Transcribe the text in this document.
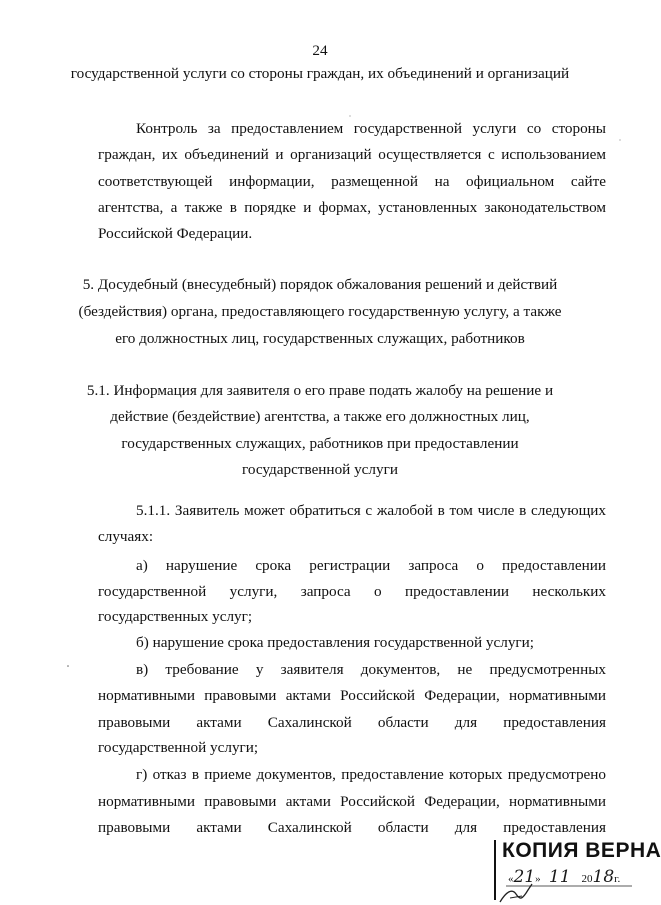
24
государственной услуги со стороны граждан, их объединений и организаций
Контроль за предоставлением государственной услуги со стороны
граждан, их объединений и организаций осуществляется с использованием
соответствующей информации, размещенной на официальном сайте
агентства, а также в порядке и формах, установленных законодательством
Российской Федерации.
5. Досудебный (внесудебный) порядок обжалования решений и действий
(бездействия) органа, предоставляющего государственную услугу, а также
его должностных лиц, государственных служащих, работников
5.1. Информация для заявителя о его праве подать жалобу на решение и
действие (бездействие) агентства, а также его должностных лиц,
государственных служащих, работников при предоставлении
государственной услуги
5.1.1. Заявитель может обратиться с жалобой в том числе в следующих
случаях:
а) нарушение срока регистрации запроса о предоставлении
государственной услуги, запроса о предоставлении нескольких
государственных услуг;
б) нарушение срока предоставления государственной услуги;
в) требование у заявителя документов, не предусмотренных
нормативными правовыми актами Российской Федерации, нормативными
правовыми актами Сахалинской области для предоставления
государственной услуги;
г) отказ в приеме документов, предоставление которых предусмотрено
нормативными правовыми актами Российской Федерации, нормативными
правовыми актами Сахалинской области для предоставления
КОПИЯ ВЕРНА
«21» 11 2018г.
